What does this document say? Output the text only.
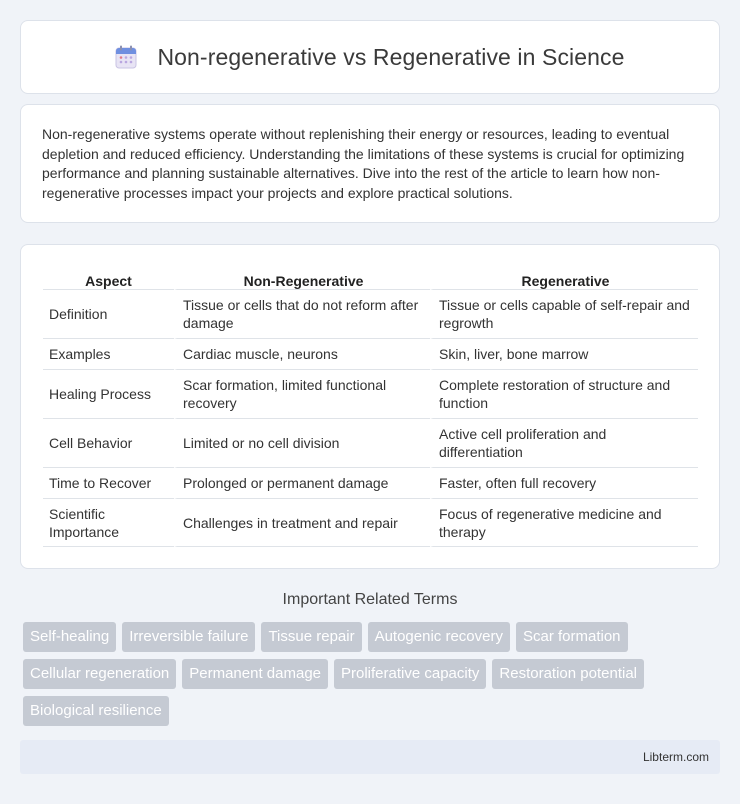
Non-regenerative vs Regenerative in Science

Non-regenerative systems operate without replenishing their energy or resources, leading to eventual depletion and reduced efficiency. Understanding the limitations of these systems is crucial for optimizing performance and planning sustainable alternatives. Dive into the rest of the article to learn how non-regenerative processes impact your projects and explore practical solutions.

Aspect	Non-Regenerative	Regenerative
Definition	Tissue or cells that do not reform after damage	Tissue or cells capable of self-repair and regrowth
Examples	Cardiac muscle, neurons	Skin, liver, bone marrow
Healing Process	Scar formation, limited functional recovery	Complete restoration of structure and function
Cell Behavior	Limited or no cell division	Active cell proliferation and differentiation
Time to Recover	Prolonged or permanent damage	Faster, often full recovery
Scientific Importance	Challenges in treatment and repair	Focus of regenerative medicine and therapy
Important Related Terms
Self-healing	Irreversible failure	Tissue repair	Autogenic recovery	Scar formation
Cellular regeneration	Permanent damage	Proliferative capacity	Restoration potential
Biological resilience
Libterm.com
